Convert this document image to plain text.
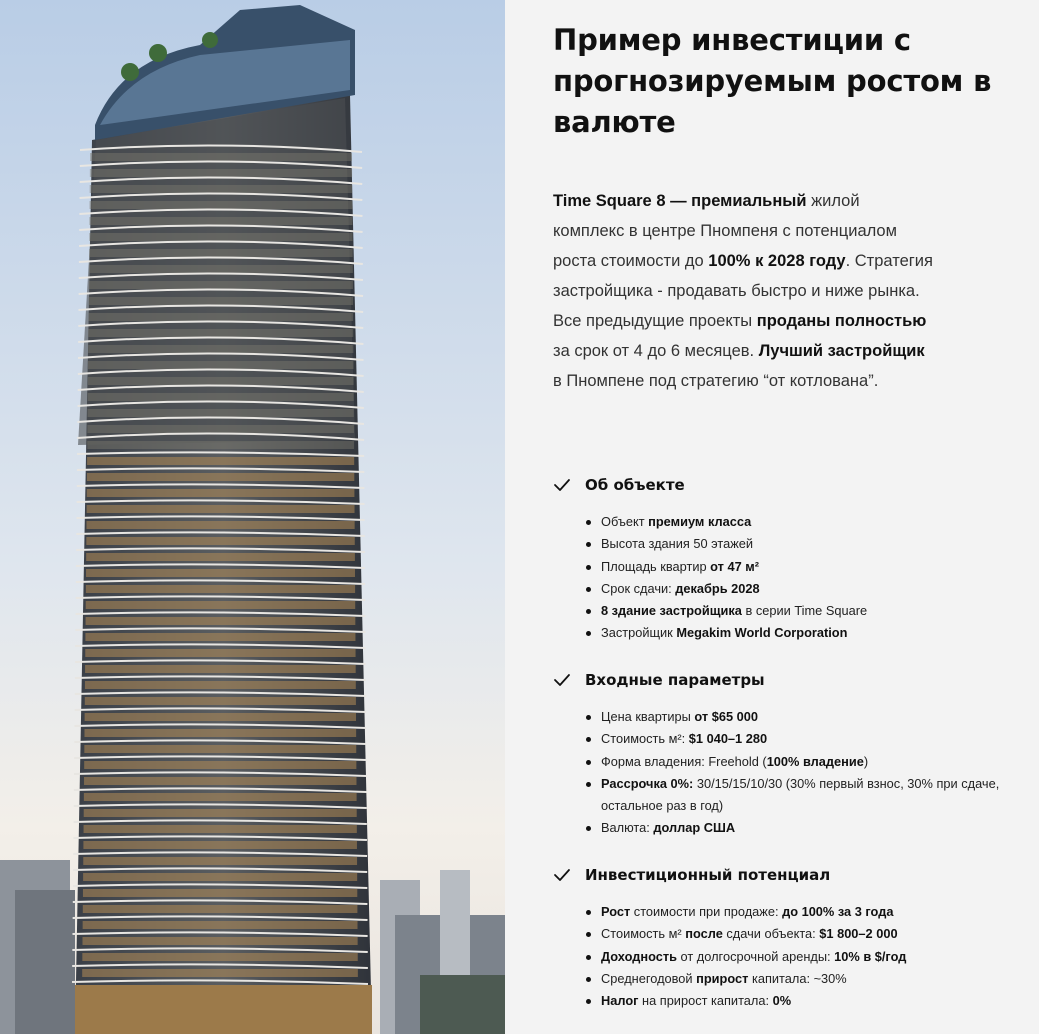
Пример инвестиции с прогнозируемым ростом в валюте

Time Square 8 — премиальный жилой комплекс в центре Пномпеня с потенциалом роста стоимости до 100% к 2028 году. Стратегия застройщика - продавать быстро и ниже рынка. Все предыдущие проекты проданы полностью за срок от 4 до 6 месяцев. Лучший застройщик в Пномпене под стратегию “от котлована”.

Об объекте
Объект премиум класса
Высота здания 50 этажей
Площадь квартир от 47 м²
Срок сдачи: декабрь 2028
8 здание застройщика в серии Time Square
Застройщик Megakim World Corporation
Входные параметры
Цена квартиры от $65 000
Стоимость м²: $1 040–1 280
Форма владения: Freehold (100% владение)
Рассрочка 0%: 30/15/15/10/30 (30% первый взнос, 30% при сдаче, остальное раз в год)
Валюта: доллар США
Инвестиционный потенциал
Рост стоимости при продаже: до 100% за 3 года
Стоимость м² после сдачи объекта: $1 800–2 000
Доходность от долгосрочной аренды: 10% в $/год
Среднегодовой прирост капитала: ~30%
Налог на прирост капитала: 0%
